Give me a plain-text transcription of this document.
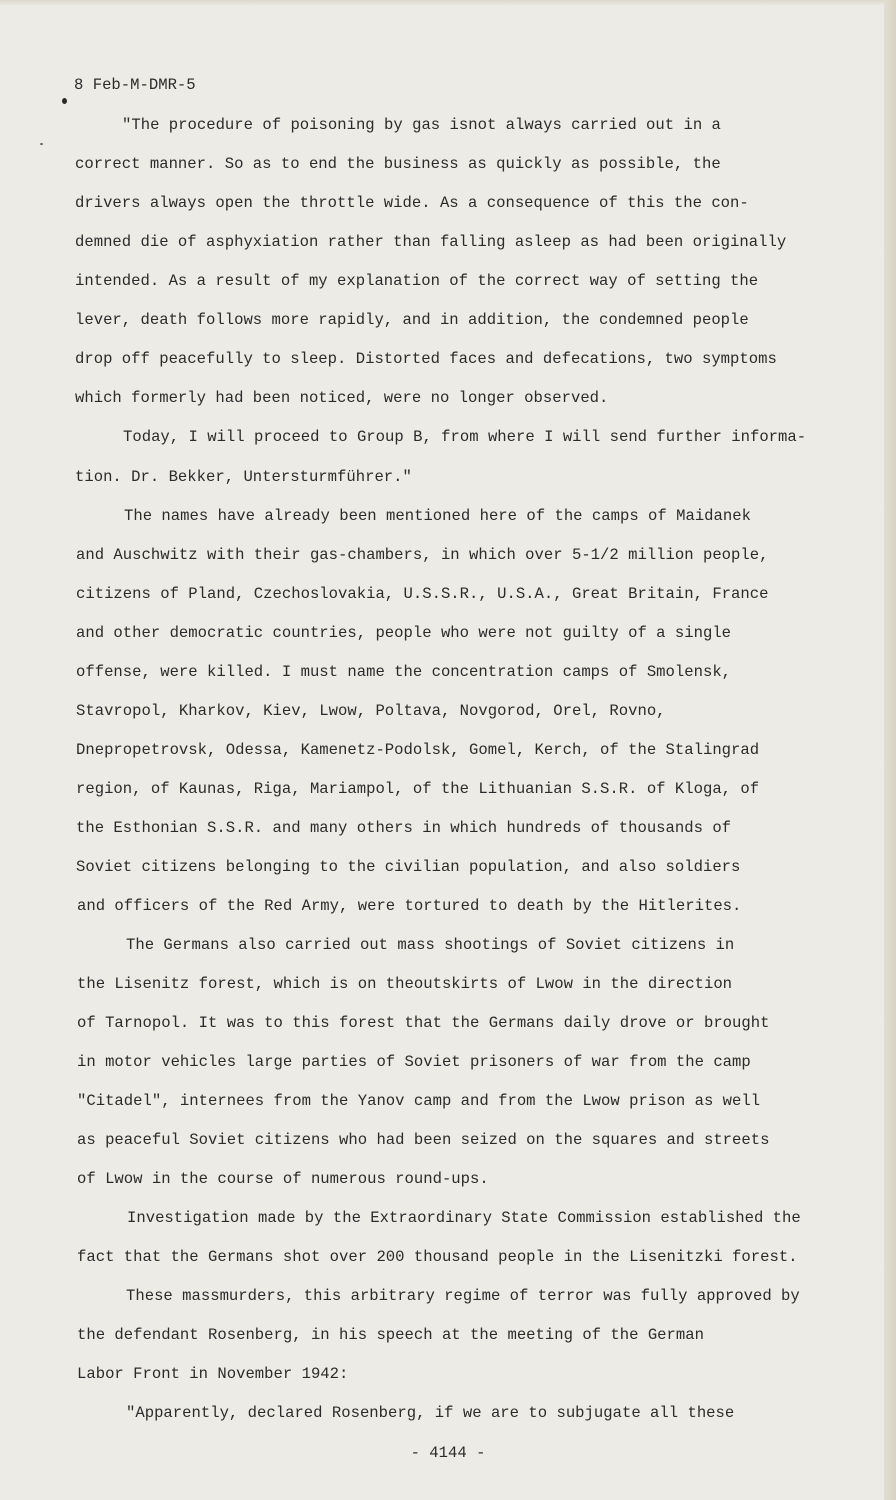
8 Feb-M-DMR-5
"The procedure of poisoning by gas isnot always carried out in a
correct manner. So as to end the business as quickly as possible, the
drivers always open the throttle wide. As a consequence of this the con-
demned die of asphyxiation rather than falling asleep as had been originally
intended. As a result of my explanation of the correct way of setting the
lever, death follows more rapidly, and in addition, the condemned people
drop off peacefully to sleep. Distorted faces and defecations, two symptoms
which formerly had been noticed, were no longer observed.
Today, I will proceed to Group B, from where I will send further informa-
tion. Dr. Bekker, Untersturmführer."
The names have already been mentioned here of the camps of Maidanek
and Auschwitz with their gas-chambers, in which over 5-1/2 million people,
citizens of Pland, Czechoslovakia, U.S.S.R., U.S.A., Great Britain, France
and other democratic countries, people who were not guilty of a single
offense, were killed. I must name the concentration camps of Smolensk,
Stavropol, Kharkov, Kiev, Lwow, Poltava, Novgorod, Orel, Rovno,
Dnepropetrovsk, Odessa, Kamenetz-Podolsk, Gomel, Kerch, of the Stalingrad
region, of Kaunas, Riga, Mariampol, of the Lithuanian S.S.R. of Kloga, of
the Esthonian S.S.R. and many others in which hundreds of thousands of
Soviet citizens belonging to the civilian population, and also soldiers
and officers of the Red Army, were tortured to death by the Hitlerites.
The Germans also carried out mass shootings of Soviet citizens in
the Lisenitz forest, which is on theoutskirts of Lwow in the direction
of Tarnopol. It was to this forest that the Germans daily drove or brought
in motor vehicles large parties of Soviet prisoners of war from the camp
"Citadel", internees from the Yanov camp and from the Lwow prison as well
as peaceful Soviet citizens who had been seized on the squares and streets
of Lwow in the course of numerous round-ups.
Investigation made by the Extraordinary State Commission established the
fact that the Germans shot over 200 thousand people in the Lisenitzki forest.
These massmurders, this arbitrary regime of terror was fully approved by
the defendant Rosenberg, in his speech at the meeting of the German
Labor Front in November 1942:
"Apparently, declared Rosenberg, if we are to subjugate all these
- 4144 -
